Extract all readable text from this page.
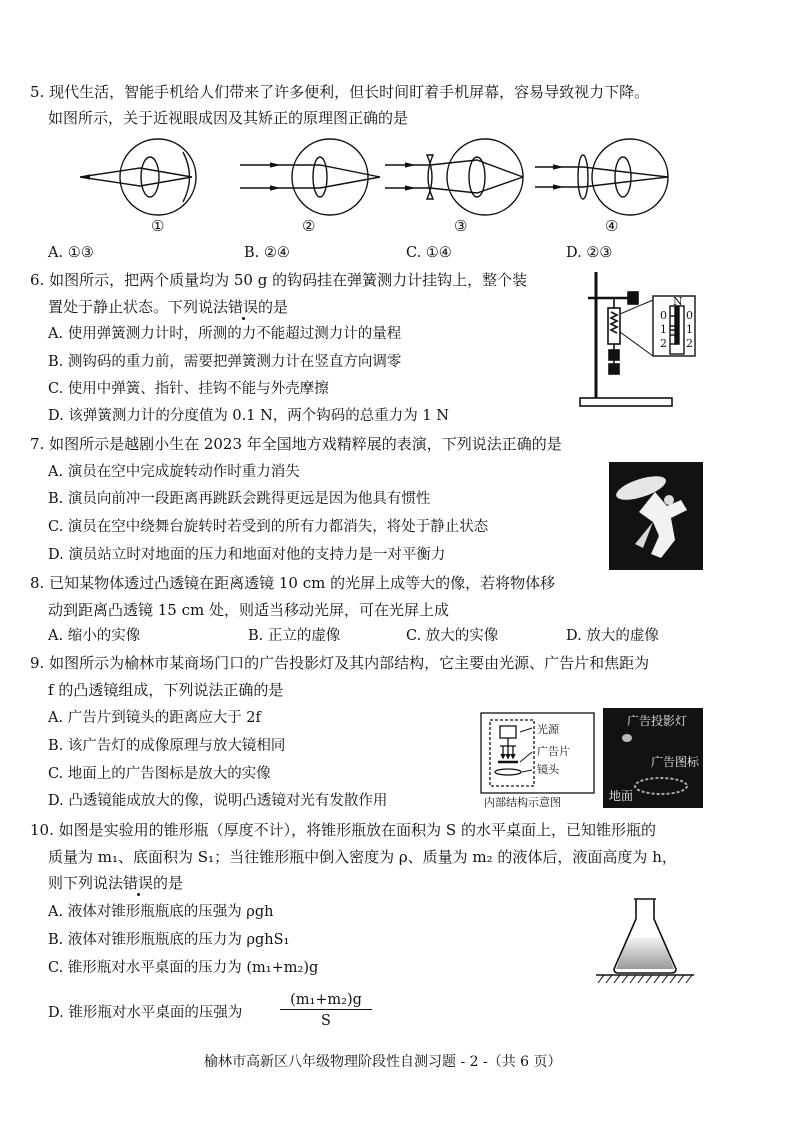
5. 现代生活，智能手机给人们带来了许多便利，但长时间盯着手机屏幕，容易导致视力下降。
如图所示，关于近视眼成因及其矫正的原理图正确的是
①	②	③	④
A. ①③	B. ②④	C. ①④	D. ②③
6. 如图所示，把两个质量均为 50 g 的钩码挂在弹簧测力计挂钩上，整个装
置处于静止状态。下列说法错误的是
A. 使用弹簧测力计时，所测的力不能超过测力计的量程
B. 测钩码的重力前，需要把弹簧测力计在竖直方向调零
C. 使用中弹簧、指针、挂钩不能与外壳摩擦
D. 该弹簧测力计的分度值为 0.1 N，两个钩码的总重力为 1 N
N
0
1
2
0
1
2
7. 如图所示是越剧小生在 2023 年全国地方戏精粹展的表演，下列说法正确的是
A. 演员在空中完成旋转动作时重力消失
B. 演员向前冲一段距离再跳跃会跳得更远是因为他具有惯性
C. 演员在空中绕舞台旋转时若受到的所有力都消失，将处于静止状态
D. 演员站立时对地面的压力和地面对他的支持力是一对平衡力
8. 已知某物体透过凸透镜在距离透镜 10 cm 的光屏上成等大的像，若将物体移
动到距离凸透镜 15 cm 处，则适当移动光屏，可在光屏上成
A. 缩小的实像	B. 正立的虚像	C. 放大的实像	D. 放大的虚像
9. 如图所示为榆林市某商场门口的广告投影灯及其内部结构，它主要由光源、广告片和焦距为
f 的凸透镜组成，下列说法正确的是
A. 广告片到镜头的距离应大于 2f
B. 该广告灯的成像原理与放大镜相同
C. 地面上的广告图标是放大的实像
D. 凸透镜能成放大的像，说明凸透镜对光有发散作用
光源
广告片
镜头
内部结构示意图
广告投影灯
广告图标
地面
10. 如图是实验用的锥形瓶（厚度不计），将锥形瓶放在面积为 S 的水平桌面上，已知锥形瓶的
质量为 m₁、底面积为 S₁；当往锥形瓶中倒入密度为 ρ、质量为 m₂ 的液体后，液面高度为 h，
则下列说法错误的是
A. 液体对锥形瓶瓶底的压强为 ρgh
B. 液体对锥形瓶瓶底的压力为 ρghS₁
C. 锥形瓶对水平桌面的压力为 (m₁+m₂)g
D. 锥形瓶对水平桌面的压强为
(m₁+m₂)g
S
榆林市高新区八年级物理阶段性自测习题 - 2 -（共 6 页）
